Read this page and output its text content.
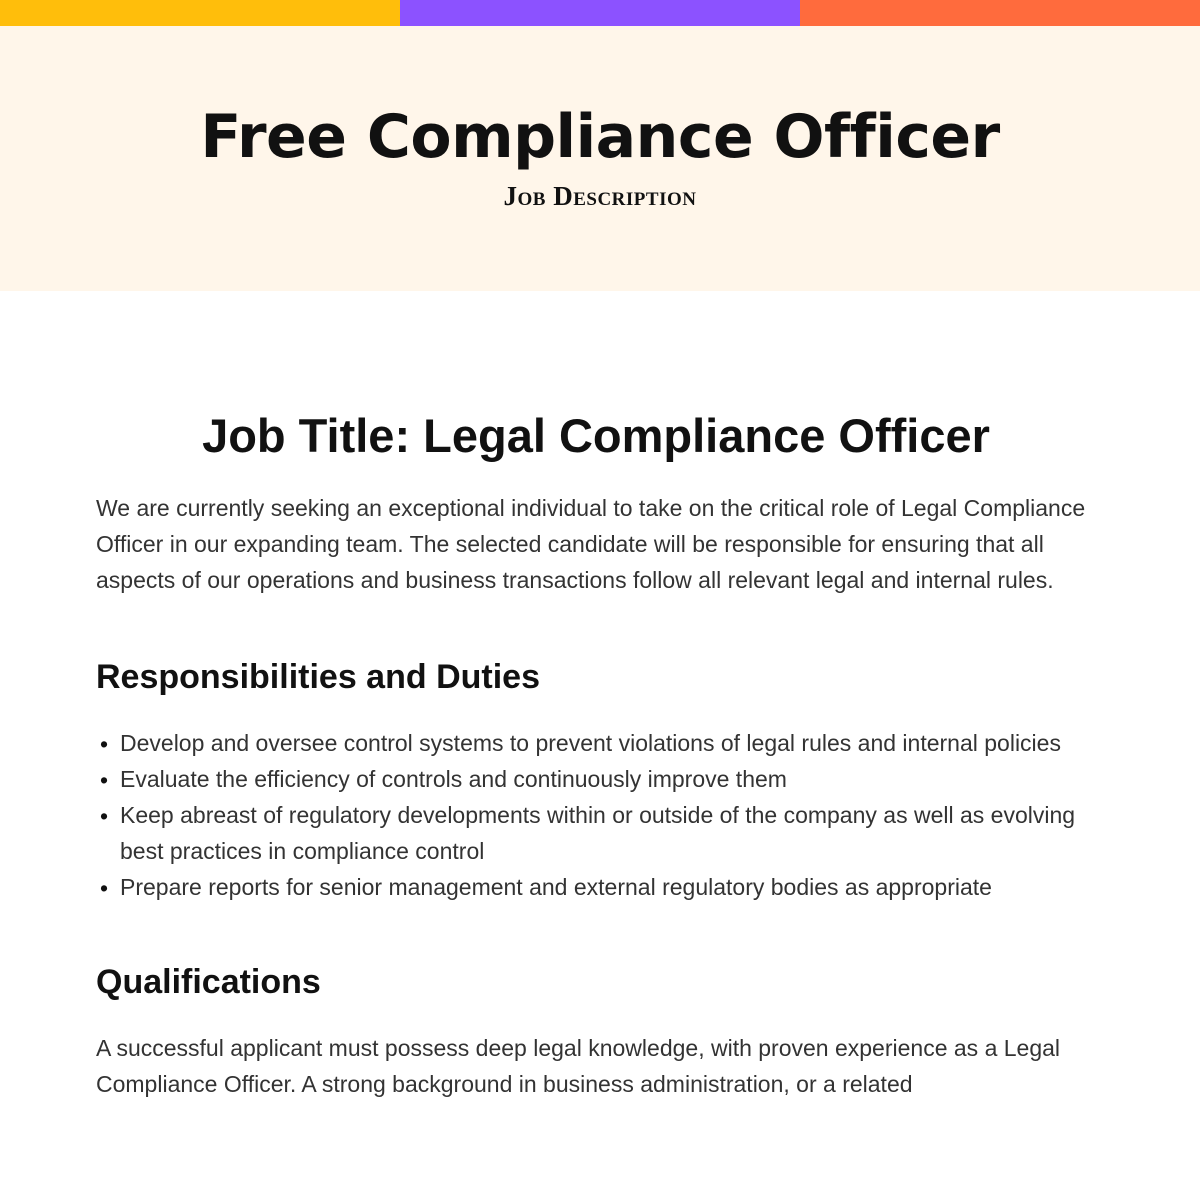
Free Compliance Officer
Job Description
Job Title: Legal Compliance Officer

We are currently seeking an exceptional individual to take on the critical role of Legal Compliance Officer in our expanding team. The selected candidate will be responsible for ensuring that all aspects of our operations and business transactions follow all relevant legal and internal rules.

Responsibilities and Duties
• Develop and oversee control systems to prevent violations of legal rules and internal policies
• Evaluate the efficiency of controls and continuously improve them
• Keep abreast of regulatory developments within or outside of the company as well as evolving best practices in compliance control
• Prepare reports for senior management and external regulatory bodies as appropriate
Qualifications

A successful applicant must possess deep legal knowledge, with proven experience as a Legal Compliance Officer. A strong background in business administration, or a related
